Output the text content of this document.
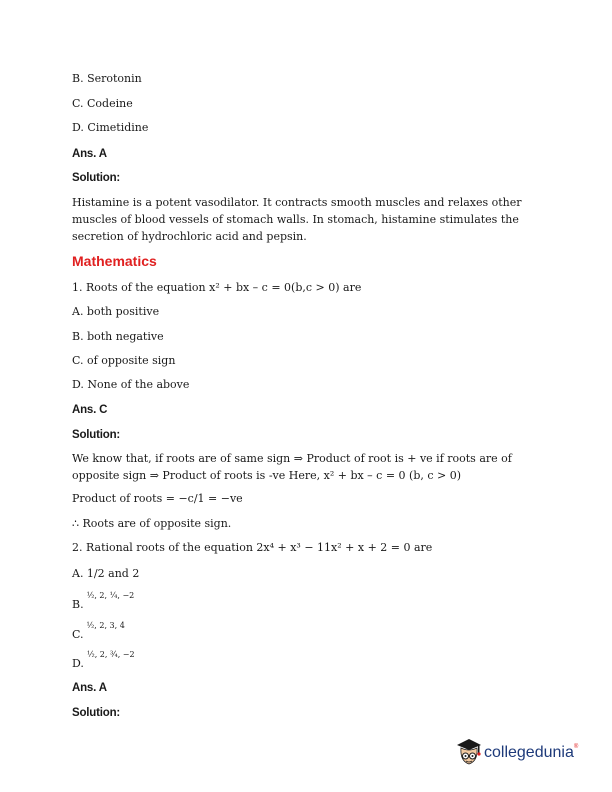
B. Serotonin
C. Codeine
D. Cimetidine
Ans. A
Solution:
Histamine is a potent vasodilator. It contracts smooth muscles and relaxes other muscles of blood vessels of stomach walls. In stomach, histamine stimulates the secretion of hydrochloric acid and pepsin.
Mathematics
1. Roots of the equation x² + bx – c = 0(b,c > 0) are
A. both positive
B. both negative
C. of opposite sign
D. None of the above
Ans. C
Solution:
We know that, if roots are of same sign ⇒ Product of root is + ve if roots are of opposite sign ⇒ Product of roots is -ve Here, x² + bx – c = 0 (b, c > 0)
Product of roots = −c/1 = −ve
∴ Roots are of opposite sign.
2. Rational roots of the equation 2x⁴ + x³ − 11x² + x + 2 = 0 are
A. 1/2 and 2
B.$^{\frac{1}{2}, 2, \frac{1}{4}, -2}$
C.$^{\frac{1}{2}, 2, 3, 4}$
D.$^{\frac{1}{2}, 2, \frac{3}{4}, -2}$
Ans. A
Solution:
collegedunia®
